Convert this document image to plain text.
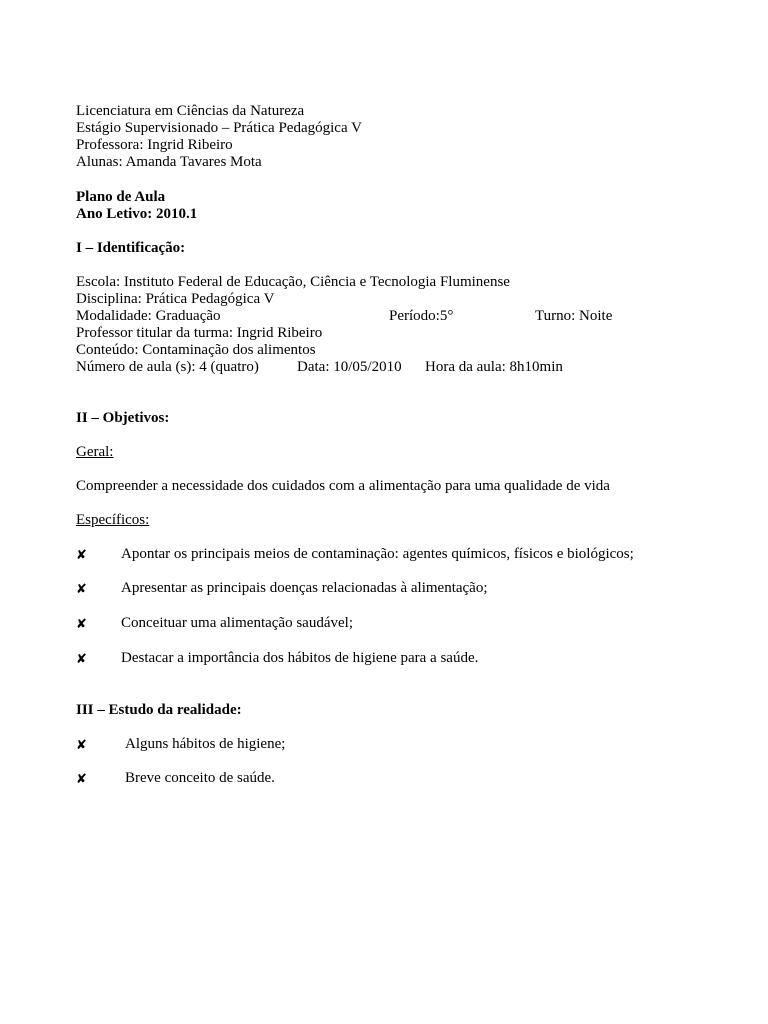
Licenciatura em Ciências da Natureza
Estágio Supervisionado – Prática Pedagógica V
Professora: Ingrid Ribeiro
Alunas: Amanda Tavares Mota
Plano de Aula
Ano Letivo: 2010.1
I – Identificação:
Escola: Instituto Federal de Educação, Ciência e Tecnologia Fluminense
Disciplina: Prática Pedagógica V
Modalidade: Graduação	Período:5°	Turno: Noite
Professor titular da turma: Ingrid Ribeiro
Conteúdo: Contaminação dos alimentos
Número de aula (s): 4 (quatro)	Data: 10/05/2010 Hora da aula: 8h10min
II – Objetivos:
Geral:
Compreender a necessidade dos cuidados com a alimentação para uma qualidade de vida
Específicos:
✘ Apontar os principais meios de contaminação: agentes químicos, físicos e biológicos;
✘ Apresentar as principais doenças relacionadas à alimentação;
✘ Conceituar uma alimentação saudável;
✘ Destacar a importância dos hábitos de higiene para a saúde.
III – Estudo da realidade:
✘	Alguns hábitos de higiene;
✘	Breve conceito de saúde.
